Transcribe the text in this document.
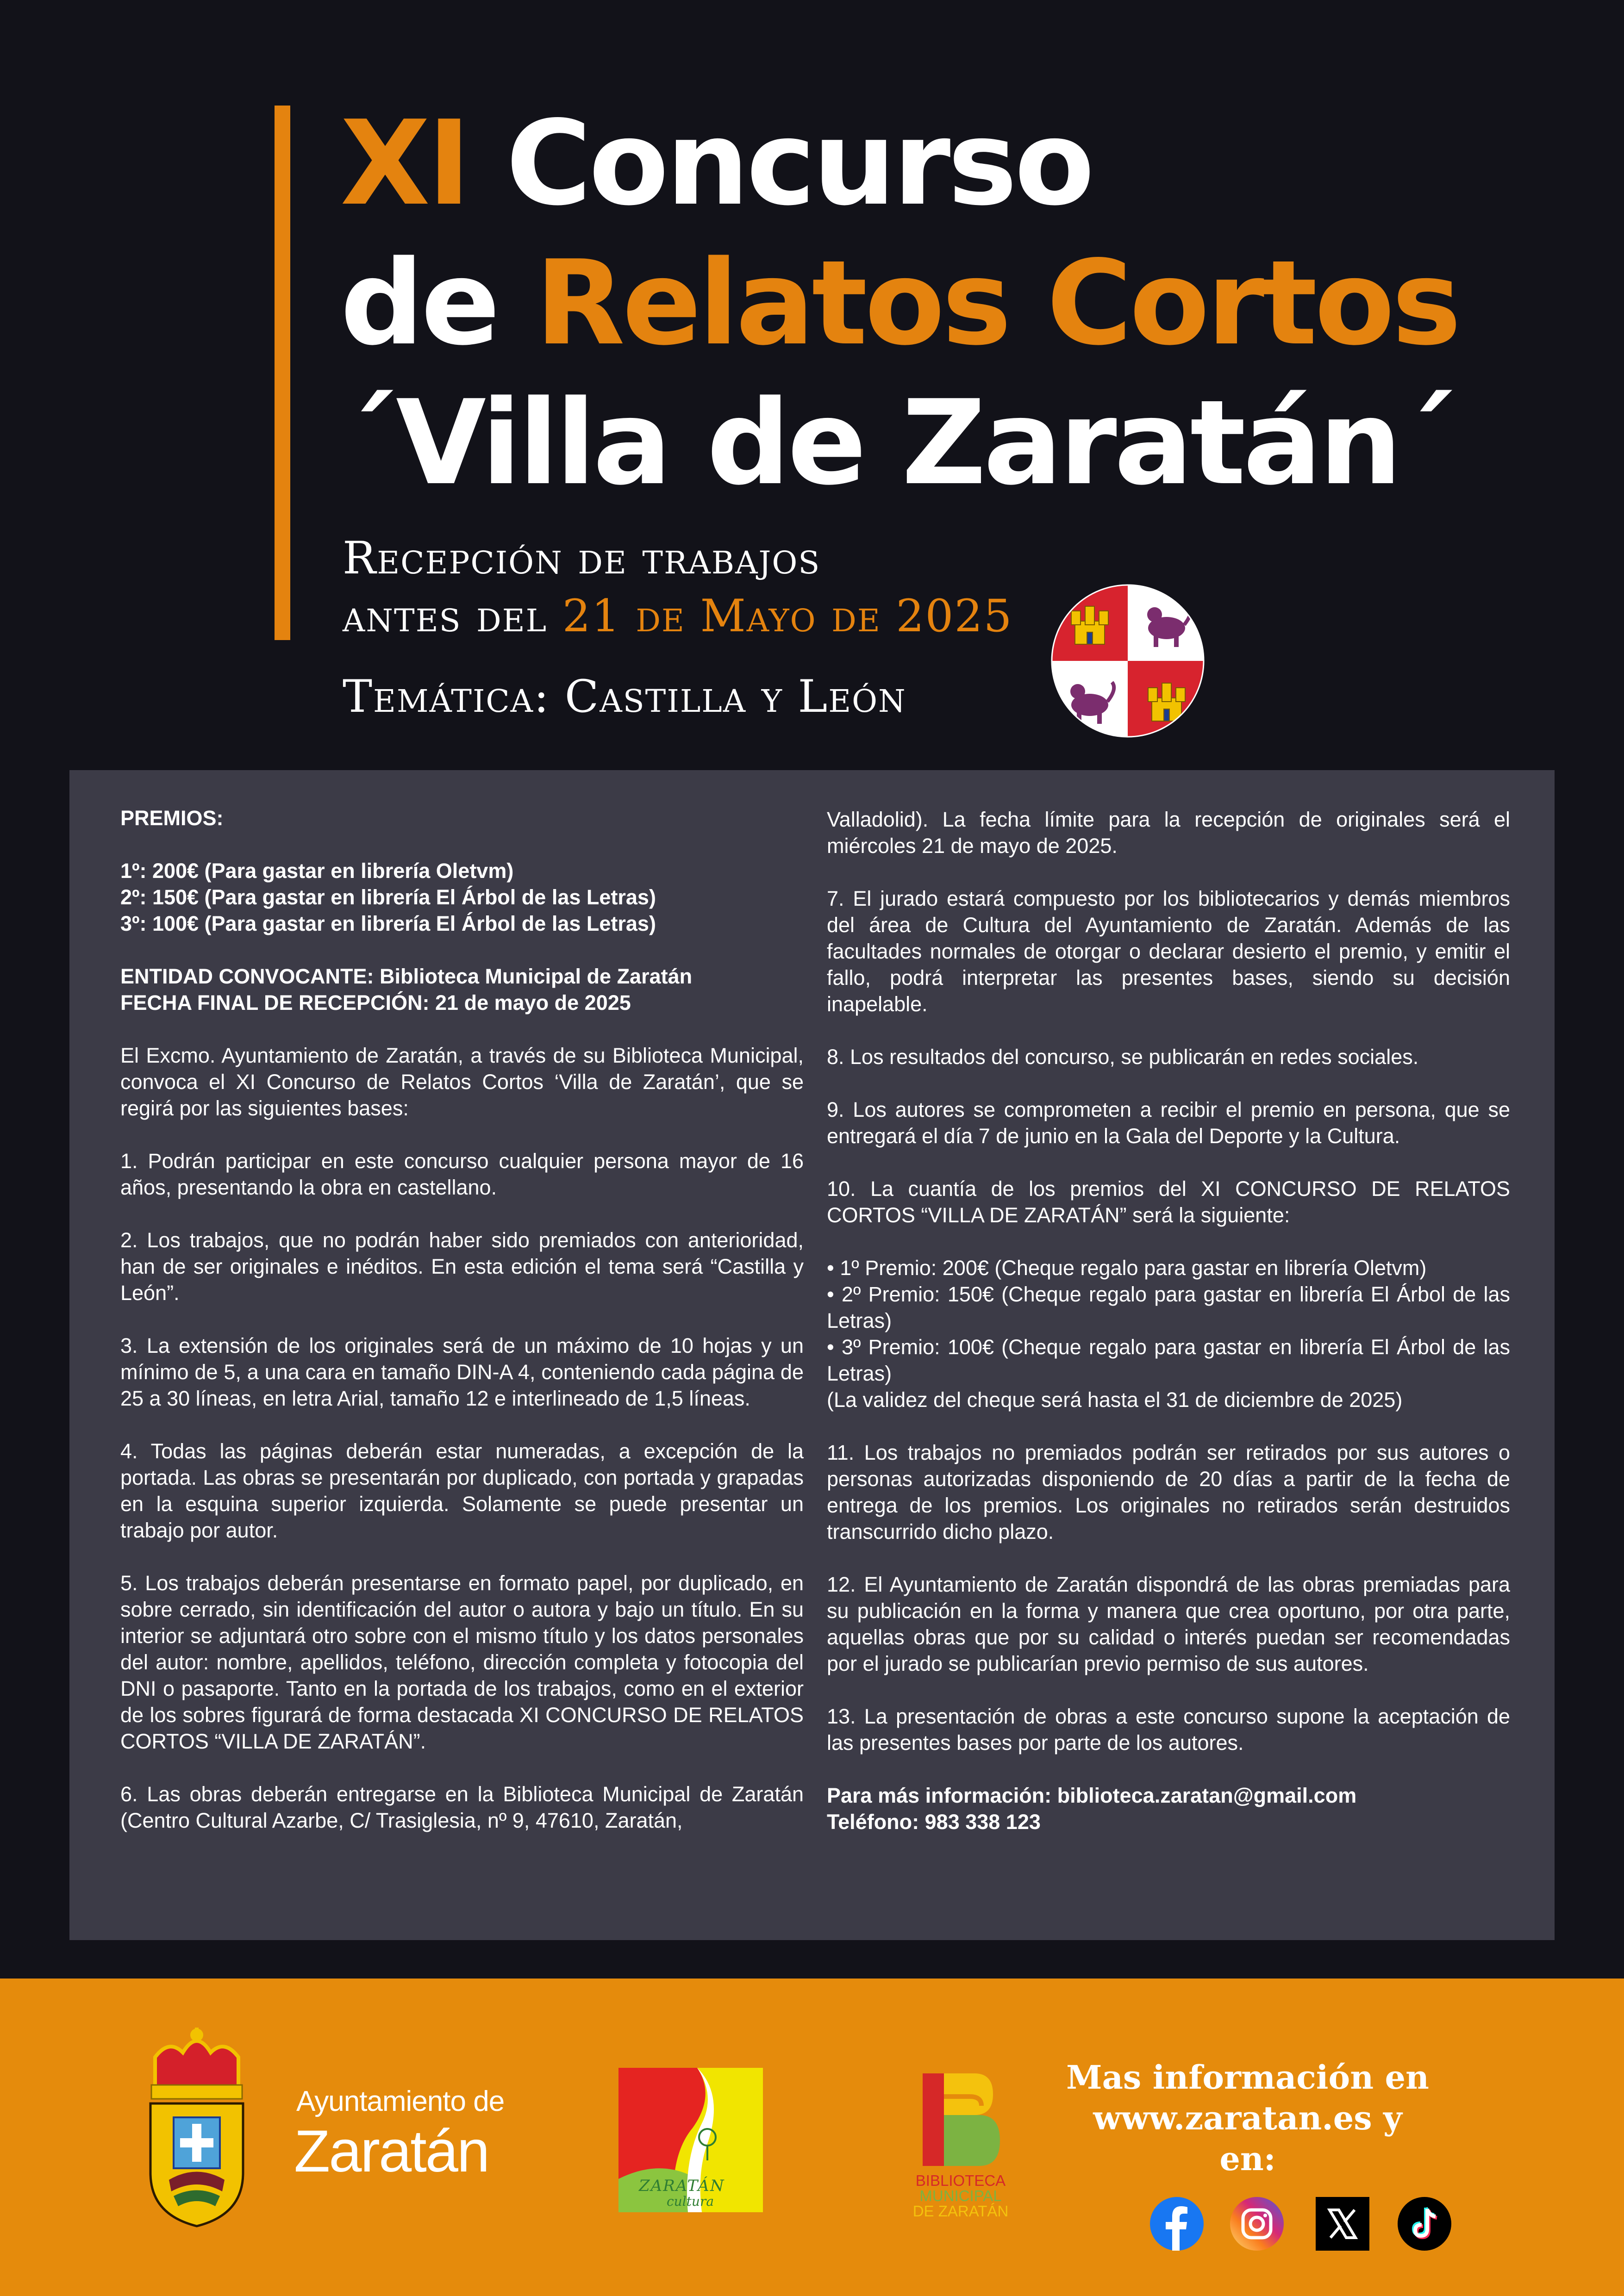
XI Concurso
de Relatos Cortos
´Villa de Zaratán´
Recepción de trabajos
antes del 21 de Mayo de 2025
Temática: Castilla y León

PREMIOS:

1º: 200€ (Para gastar en librería Oletvm)
2º: 150€ (Para gastar en librería El Árbol de las Letras)
3º: 100€ (Para gastar en librería El Árbol de las Letras)

ENTIDAD CONVOCANTE: Biblioteca Municipal de Zaratán
FECHA FINAL DE RECEPCIÓN: 21 de mayo de 2025

El Excmo. Ayuntamiento de Zaratán, a través de su Biblioteca Municipal, convoca el XI Concurso de Relatos Cortos ‘Villa de Zaratán’, que se regirá por las siguientes bases:

1. Podrán participar en este concurso cualquier persona mayor de 16 años, presentando la obra en castellano.

2. Los trabajos, que no podrán haber sido premiados con anterioridad, han de ser originales e inéditos. En esta edición el tema será “Castilla y León”.

3. La extensión de los originales será de un máximo de 10 hojas y un mínimo de 5, a una cara en tamaño DIN-A 4, conteniendo cada página de 25 a 30 líneas, en letra Arial, tamaño 12 e interlineado de 1,5 líneas.

4. Todas las páginas deberán estar numeradas, a excepción de la portada. Las obras se presentarán por duplicado, con portada y grapadas en la esquina superior izquierda. Solamente se puede presentar un trabajo por autor.

5. Los trabajos deberán presentarse en formato papel, por duplicado, en sobre cerrado, sin identificación del autor o autora y bajo un título. En su interior se adjuntará otro sobre con el mismo título y los datos personales del autor: nombre, apellidos, teléfono, dirección completa y fotocopia del DNI o pasaporte. Tanto en la portada de los trabajos, como en el exterior de los sobres figurará de forma destacada XI CONCURSO DE RELATOS CORTOS “VILLA DE ZARATÁN”.

6. Las obras deberán entregarse en la Biblioteca Municipal de Zaratán (Centro Cultural Azarbe, C/ Trasiglesia, nº 9, 47610, Zaratán,

Valladolid). La fecha límite para la recepción de originales será el miércoles 21 de mayo de 2025.

7. El jurado estará compuesto por los bibliotecarios y demás miembros del área de Cultura del Ayuntamiento de Zaratán. Además de las facultades normales de otorgar o declarar desierto el premio, y emitir el fallo, podrá interpretar las presentes bases, siendo su decisión inapelable.

8. Los resultados del concurso, se publicarán en redes sociales.

9. Los autores se comprometen a recibir el premio en persona, que se entregará el día 7 de junio en la Gala del Deporte y la Cultura.

10. La cuantía de los premios del XI CONCURSO DE RELATOS CORTOS “VILLA DE ZARATÁN” será la siguiente:

• 1º Premio: 200€ (Cheque regalo para gastar en librería Oletvm)
• 2º Premio: 150€ (Cheque regalo para gastar en librería El Árbol de las Letras)
• 3º Premio: 100€ (Cheque regalo para gastar en librería El Árbol de las Letras)
(La validez del cheque será hasta el 31 de diciembre de 2025)

11. Los trabajos no premiados podrán ser retirados por sus autores o personas autorizadas disponiendo de 20 días a partir de la fecha de entrega de los premios. Los originales no retirados serán destruidos transcurrido dicho plazo.

12. El Ayuntamiento de Zaratán dispondrá de las obras premiadas para su publicación en la forma y manera que crea oportuno, por otra parte, aquellas obras que por su calidad o interés puedan ser recomendadas por el jurado se publicarían previo permiso de sus autores.

13. La presentación de obras a este concurso supone la aceptación de las presentes bases por parte de los autores.

Para más información: biblioteca.zaratan@gmail.com
Teléfono: 983 338 123

Ayuntamiento de
Zaratán
ZARATÁN
cultura
BIBLIOTECA
MUNICIPAL
DE ZARATÁN
Mas información en
www.zaratan.es y en:
